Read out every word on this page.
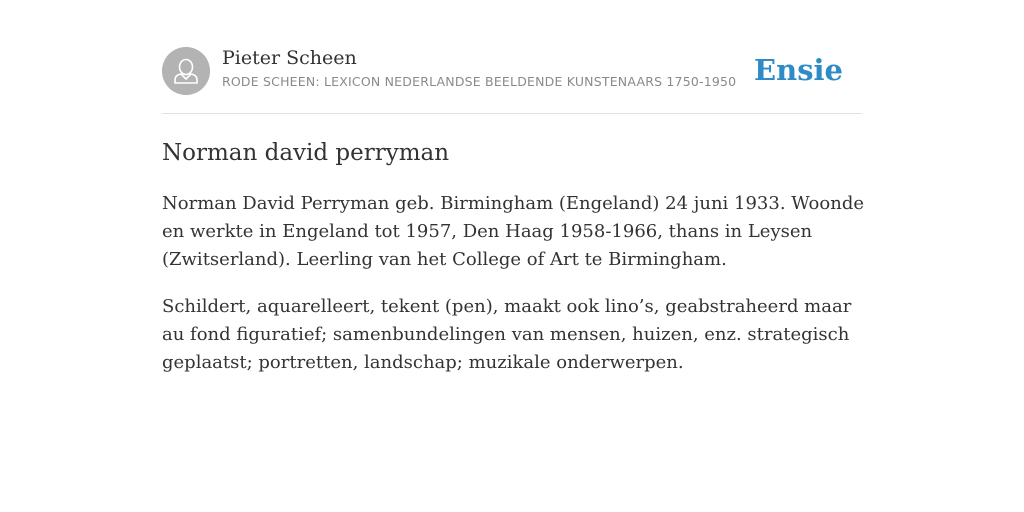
Pieter Scheen
RODE SCHEEN: LEXICON NEDERLANDSE BEELDENDE KUNSTENAARS 1750-1950 Ensie
Norman david perryman

Norman David Perryman geb. Birmingham (Engeland) 24 juni 1933. Woonde en werkte in Engeland tot 1957, Den Haag 1958-1966, thans in Leysen (Zwitserland). Leerling van het College of Art te Birmingham.

Schildert, aquarelleert, tekent (pen), maakt ook lino’s, geabstraheerd maar au fond figuratief; samenbundelingen van mensen, huizen, enz. strategisch geplaatst; portretten, landschap; muzikale onderwerpen.
